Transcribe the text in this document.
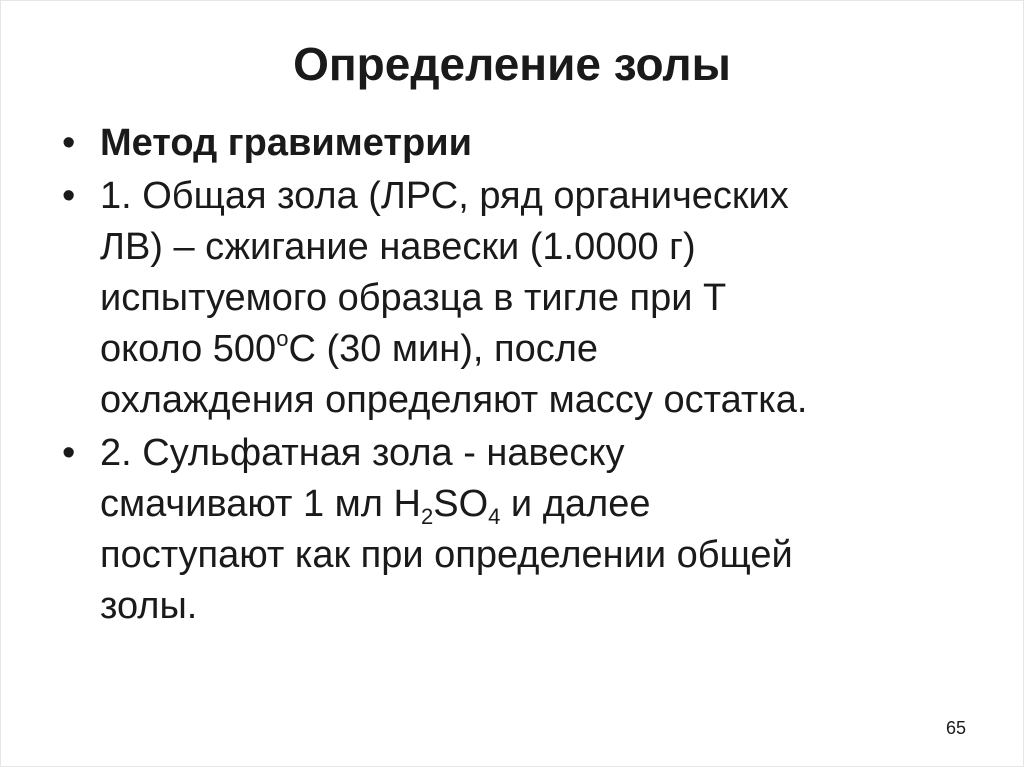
Определение золы
• Метод гравиметрии
• 1. Общая зола (ЛРС, ряд органических
ЛВ) – сжигание навески (1.0000 г)
испытуемого образца в тигле при Т
около $500^оС$ (30 мин), после
охлаждения определяют массу остатка.
• 2. Сульфатная зола - навеску
смачивают 1 мл $Н_2SO_4$ и далее
поступают как при определении общей
золы.
65
